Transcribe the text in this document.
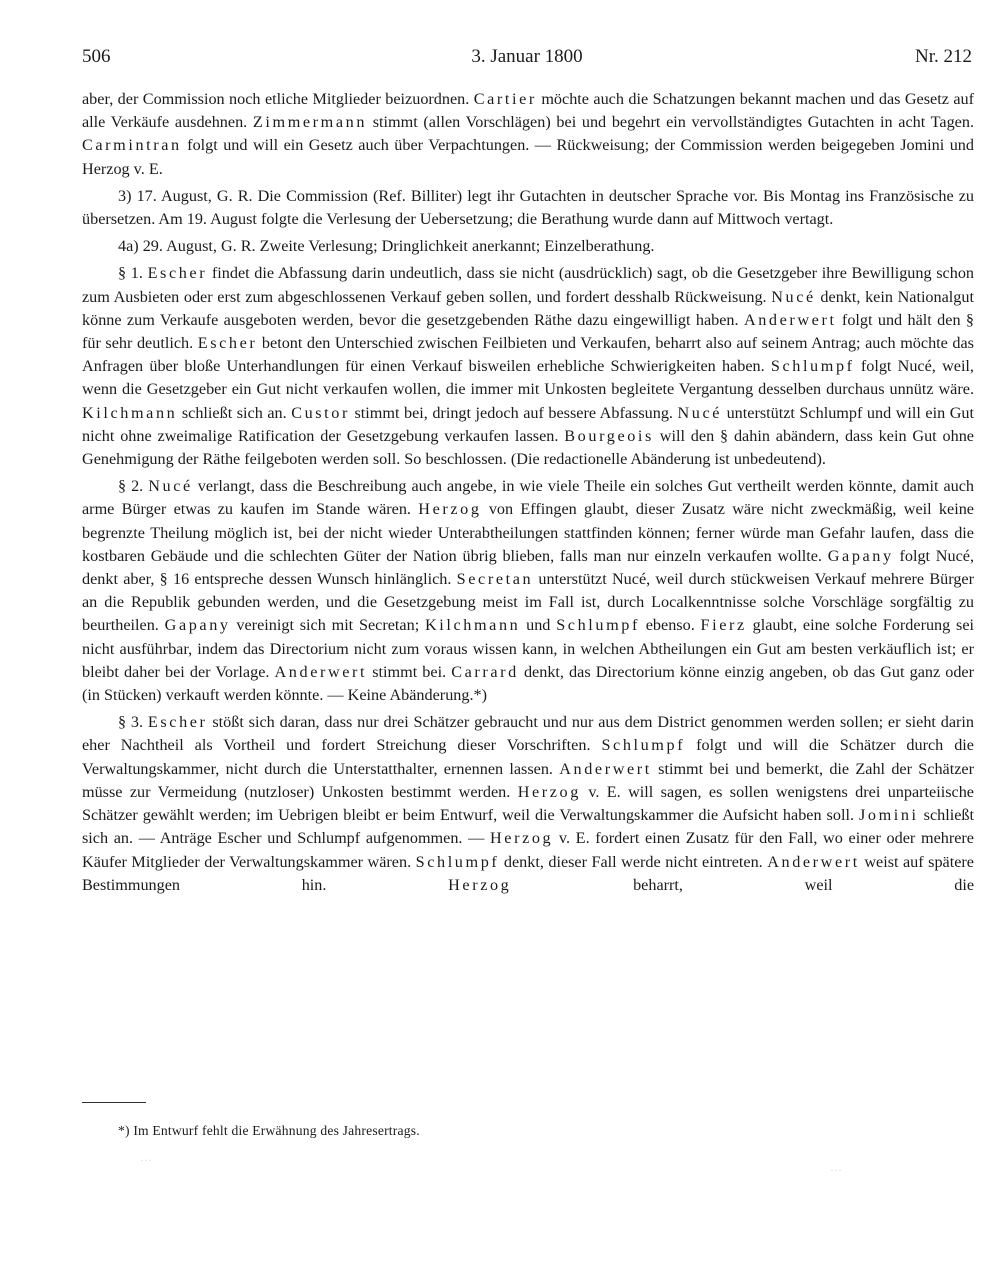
506	3. Januar 1800	Nr. 212

aber, der Commission noch etliche Mitglieder beizuordnen. Cartier möchte auch die Schatzungen bekannt machen und das Gesetz auf alle Verkäufe ausdehnen. Zimmermann stimmt (allen Vorschlägen) bei und begehrt ein vervollständigtes Gutachten in acht Tagen. Carmintran folgt und will ein Gesetz auch über Verpachtungen. — Rückweisung; der Commission werden beigegeben Jomini und Herzog v. E.

3) 17. August, G. R. Die Commission (Ref. Billiter) legt ihr Gutachten in deutscher Sprache vor. Bis Montag ins Französische zu übersetzen. Am 19. August folgte die Verlesung der Uebersetzung; die Berathung wurde dann auf Mittwoch vertagt.

4a) 29. August, G. R. Zweite Verlesung; Dringlichkeit anerkannt; Einzelberathung.

§ 1. Escher findet die Abfassung darin undeutlich, dass sie nicht (ausdrücklich) sagt, ob die Gesetzgeber ihre Bewilligung schon zum Ausbieten oder erst zum abgeschlossenen Verkauf geben sollen, und fordert desshalb Rückweisung. Nucé denkt, kein Nationalgut könne zum Verkaufe ausgeboten werden, bevor die gesetzgebenden Räthe dazu eingewilligt haben. Anderwert folgt und hält den § für sehr deutlich. Escher betont den Unterschied zwischen Feilbieten und Verkaufen, beharrt also auf seinem Antrag; auch möchte das Anfragen über bloße Unterhandlungen für einen Verkauf bisweilen erhebliche Schwierigkeiten haben. Schlumpf folgt Nucé, weil, wenn die Gesetzgeber ein Gut nicht verkaufen wollen, die immer mit Unkosten begleitete Vergantung desselben durchaus unnütz wäre. Kilchmann schließt sich an. Custor stimmt bei, dringt jedoch auf bessere Abfassung. Nucé unterstützt Schlumpf und will ein Gut nicht ohne zweimalige Ratification der Gesetzgebung verkaufen lassen. Bourgeois will den § dahin abändern, dass kein Gut ohne Genehmigung der Räthe feilgeboten werden soll. So beschlossen. (Die redactionelle Abänderung ist unbedeutend).

§ 2. Nucé verlangt, dass die Beschreibung auch angebe, in wie viele Theile ein solches Gut vertheilt werden könnte, damit auch arme Bürger etwas zu kaufen im Stande wären. Herzog von Effingen glaubt, dieser Zusatz wäre nicht zweckmäßig, weil keine begrenzte Theilung möglich ist, bei der nicht wieder Unterabtheilungen stattfinden können; ferner würde man Gefahr laufen, dass die kostbaren Gebäude und die schlechten Güter der Nation übrig blieben, falls man nur einzeln verkaufen wollte. Gapany folgt Nucé, denkt aber, § 16 entspreche dessen Wunsch hinlänglich. Secretan unterstützt Nucé, weil durch stückweisen Verkauf mehrere Bürger an die Republik gebunden werden, und die Gesetzgebung meist im Fall ist, durch Localkenntnisse solche Vorschläge sorgfältig zu beurtheilen. Gapany vereinigt sich mit Secretan; Kilchmann und Schlumpf ebenso. Fierz glaubt, eine solche Forderung sei nicht ausführbar, indem das Directorium nicht zum voraus wissen kann, in welchen Abtheilungen ein Gut am besten verkäuflich ist; er bleibt daher bei der Vorlage. Anderwert stimmt bei. Carrard denkt, das Directorium könne einzig angeben, ob das Gut ganz oder (in Stücken) verkauft werden könnte. — Keine Abänderung.*)

§ 3. Escher stößt sich daran, dass nur drei Schätzer gebraucht und nur aus dem District genommen werden sollen; er sieht darin eher Nachtheil als Vortheil und fordert Streichung dieser Vorschriften. Schlumpf folgt und will die Schätzer durch die Verwaltungskammer, nicht durch die Unterstatthalter, ernennen lassen. Anderwert stimmt bei und bemerkt, die Zahl der Schätzer müsse zur Vermeidung (nutzloser) Unkosten bestimmt werden. Herzog v. E. will sagen, es sollen wenigstens drei unparteiische Schätzer gewählt werden; im Uebrigen bleibt er beim Entwurf, weil die Verwaltungskammer die Aufsicht haben soll. Jomini schließt sich an. — Anträge Escher und Schlumpf aufgenommen. — Herzog v. E. fordert einen Zusatz für den Fall, wo einer oder mehrere Käufer Mitglieder der Verwaltungskammer wären. Schlumpf denkt, dieser Fall werde nicht eintreten. Anderwert weist auf spätere Bestimmungen hin. Herzog beharrt, weil die

*) Im Entwurf fehlt die Erwähnung des Jahresertrags.
…
…
